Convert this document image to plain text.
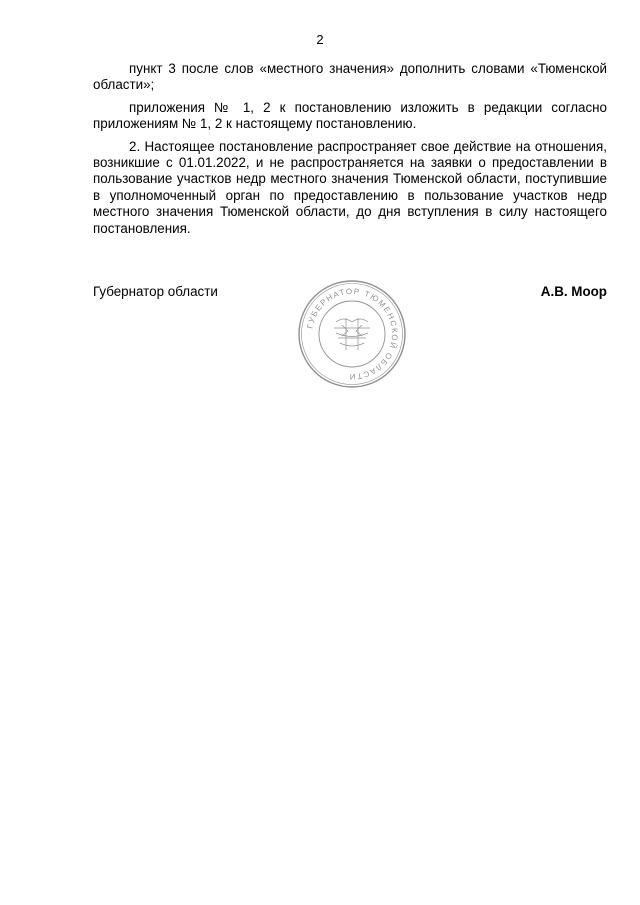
2

пункт 3 после слов «местного значения» дополнить словами «Тюменской области»;

приложения № 1, 2 к постановлению изложить в редакции согласно приложениям № 1, 2 к настоящему постановлению.

2. Настоящее постановление распространяет свое действие на отношения, возникшие с 01.01.2022, и не распространяется на заявки о предоставлении в пользование участков недр местного значения Тюменской области, поступившие в уполномоченный орган по предоставлению в пользование участков недр местного значения Тюменской области, до дня вступления в силу настоящего постановления.

Губернатор области	А.В. Моор
ГУБЕРНАТОР ТЮМЕНСКОЙ ОБЛАСТИ
